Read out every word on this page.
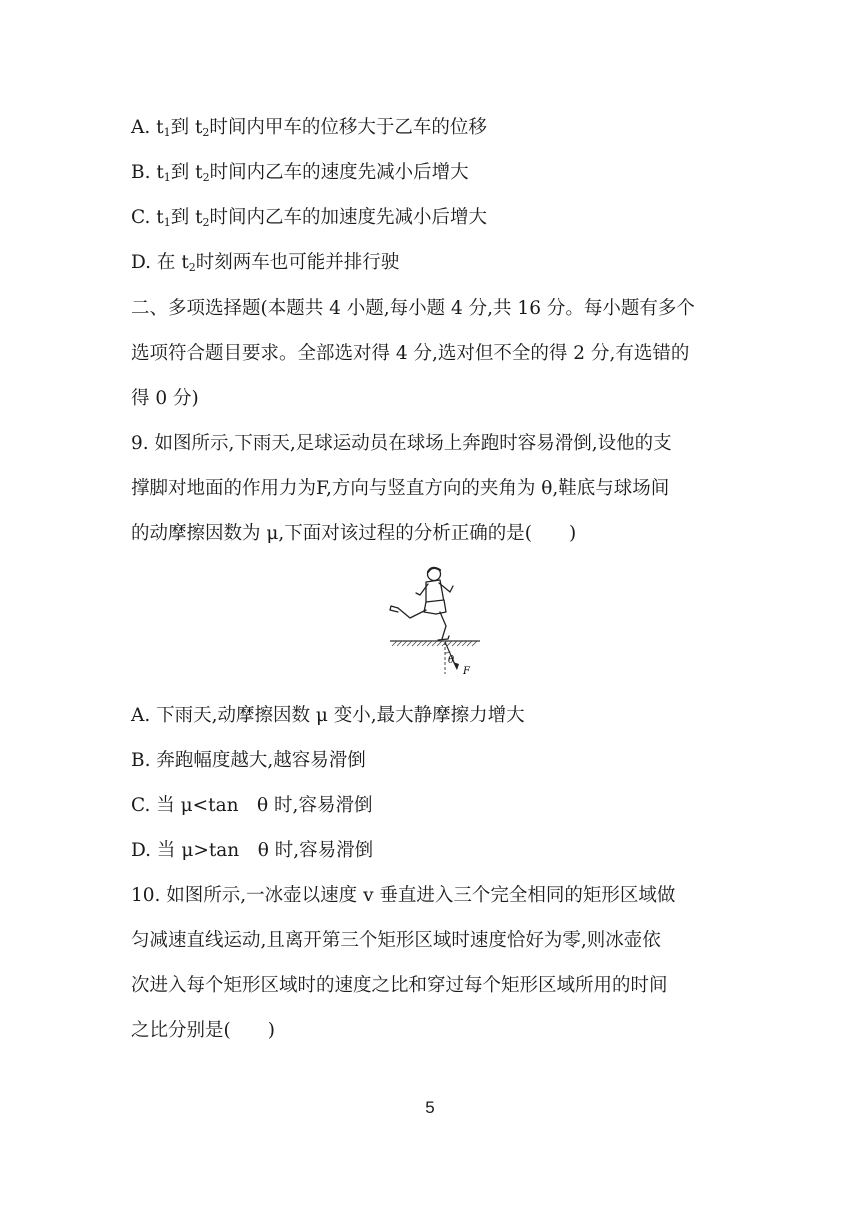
A. $t_1$到 $t_2$时间内甲车的位移大于乙车的位移
B. $t_1$到 $t_2$时间内乙车的速度先减小后增大
C. $t_1$到 $t_2$时间内乙车的加速度先减小后增大
D. 在 $t_2$时刻两车也可能并排行驶
二、多项选择题(本题共 4 小题,每小题 4 分,共 16 分。每小题有多个
选项符合题目要求。全部选对得 4 分,选对但不全的得 2 分,有选错的
得 0 分)
9. 如图所示,下雨天,足球运动员在球场上奔跑时容易滑倒,设他的支
撑脚对地面的作用力为F,方向与竖直方向的夹角为 θ,鞋底与球场间
的动摩擦因数为 μ,下面对该过程的分析正确的是(　　)
θ
F
A. 下雨天,动摩擦因数 μ 变小,最大静摩擦力增大
B. 奔跑幅度越大,越容易滑倒
C. 当 μ<tan　θ 时,容易滑倒
D. 当 μ>tan　θ 时,容易滑倒
10. 如图所示,一冰壶以速度 v 垂直进入三个完全相同的矩形区域做
匀减速直线运动,且离开第三个矩形区域时速度恰好为零,则冰壶依
次进入每个矩形区域时的速度之比和穿过每个矩形区域所用的时间
之比分别是(　　)
5
